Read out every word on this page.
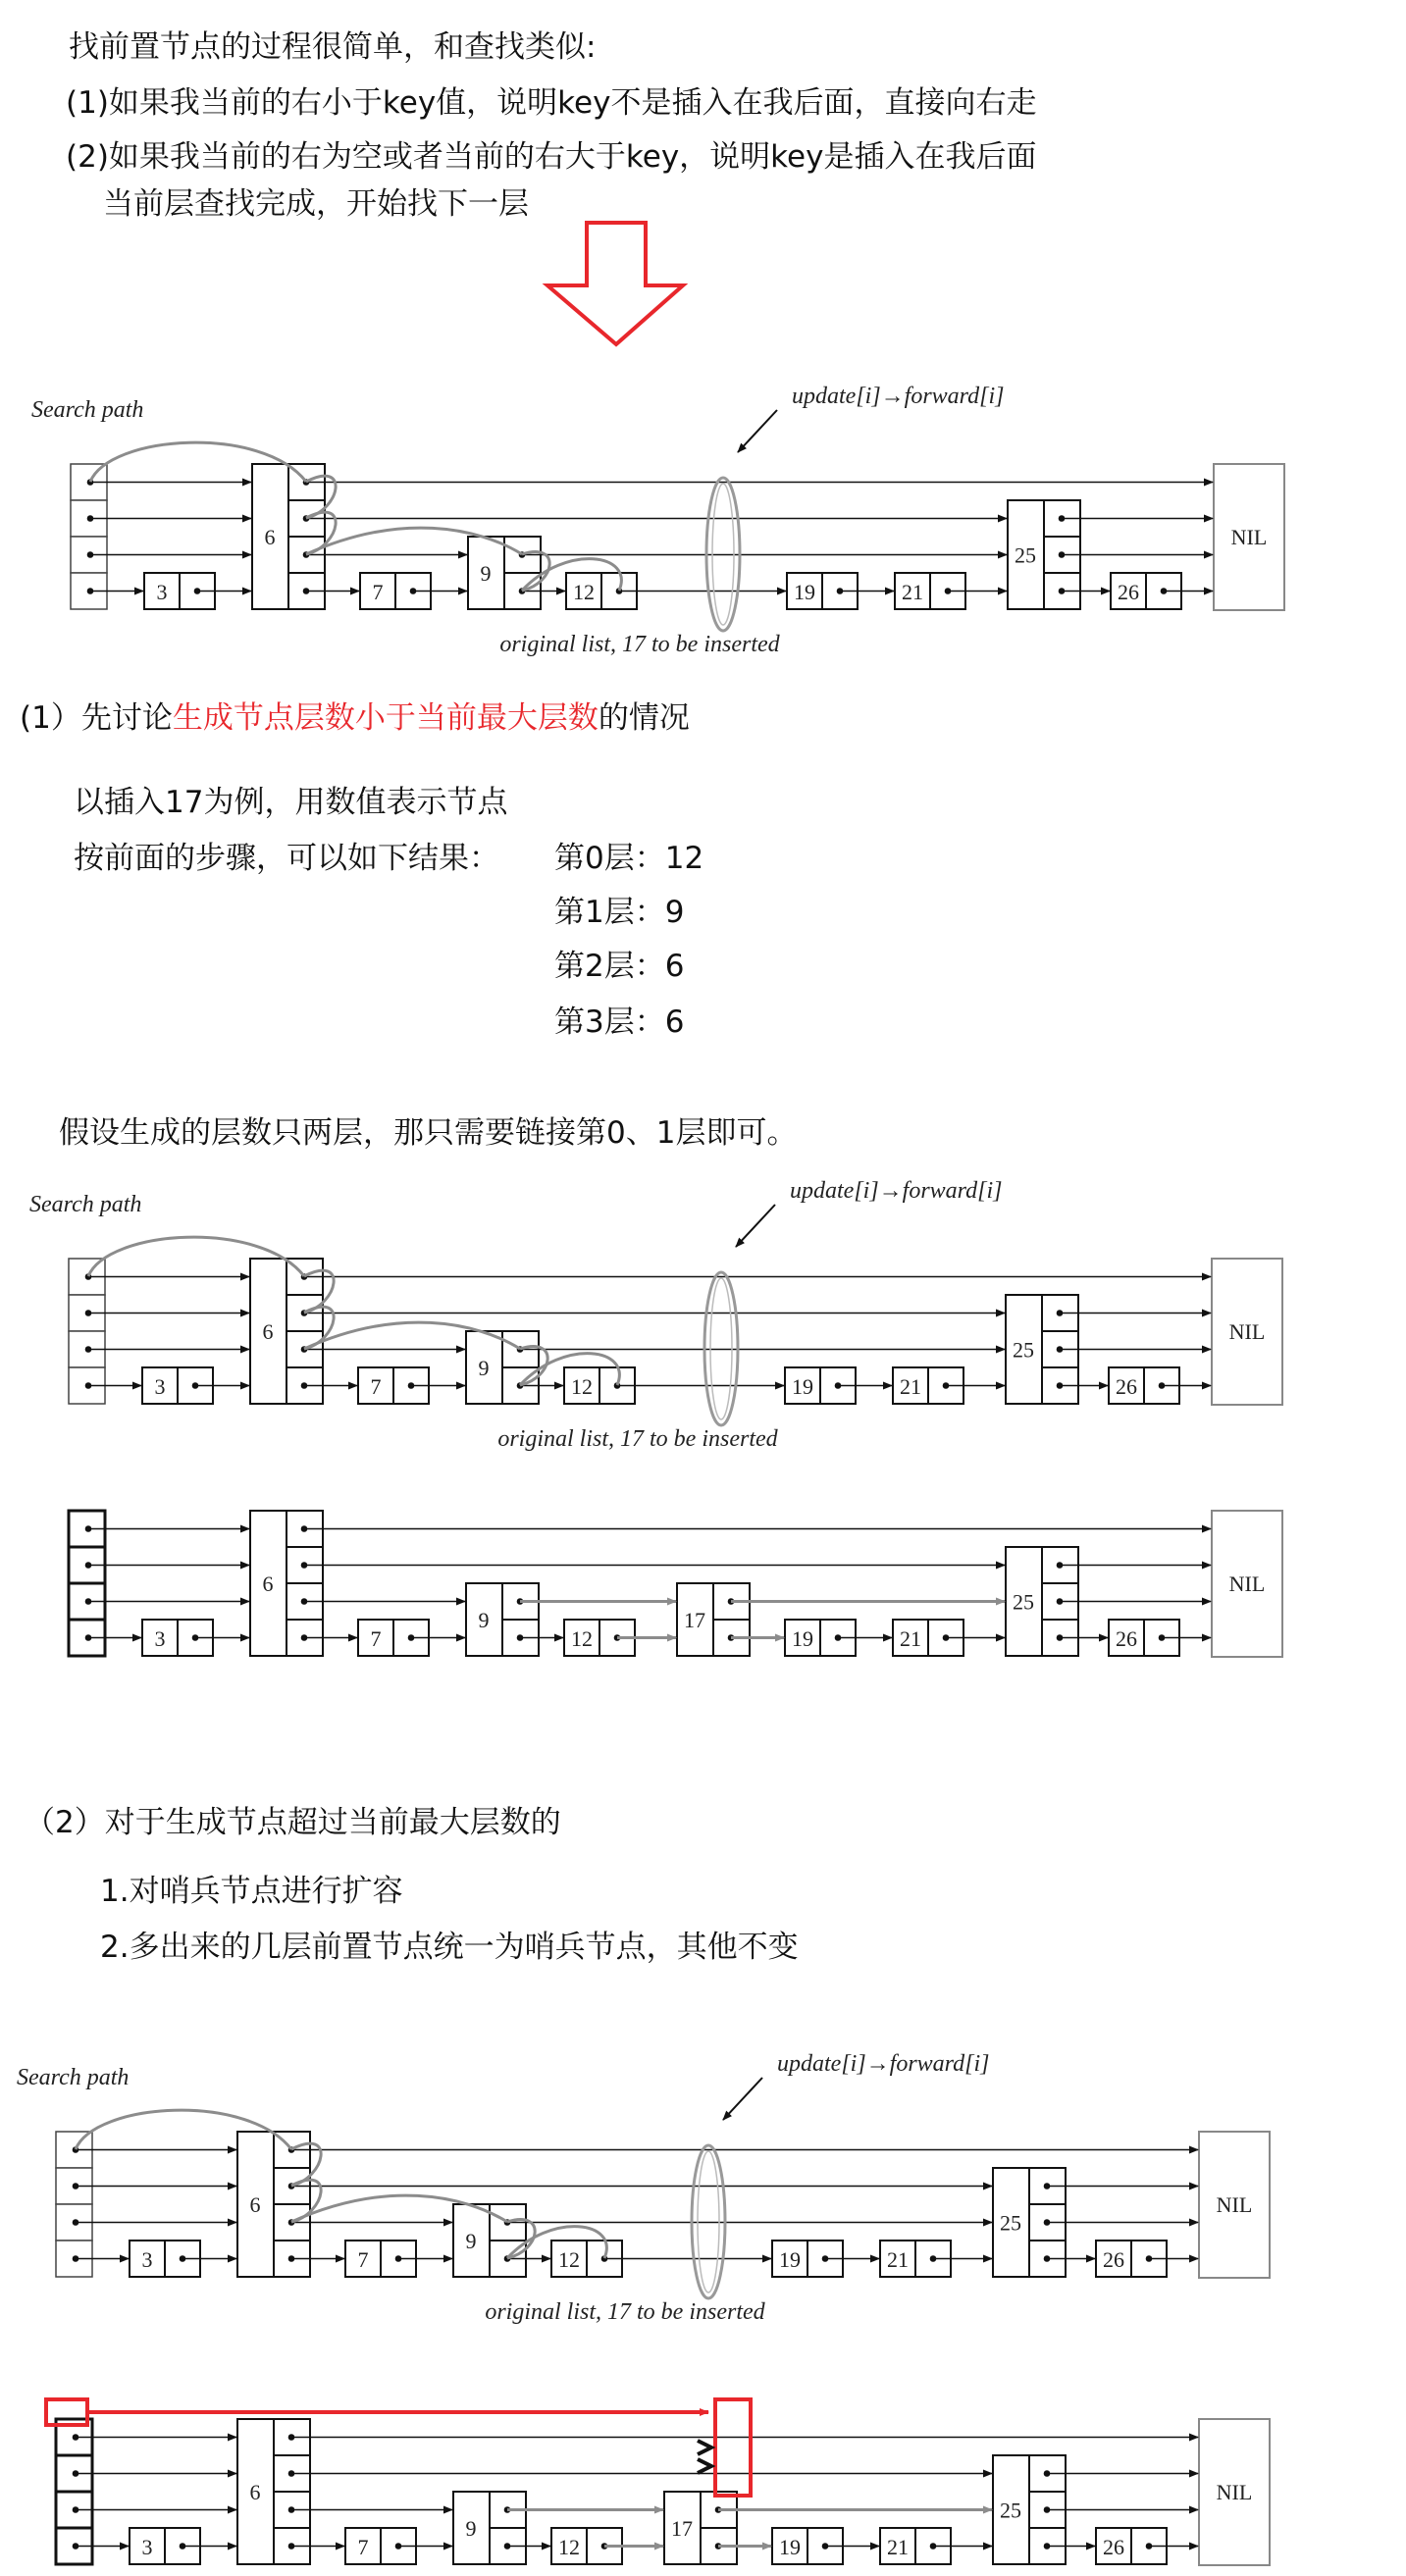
找前置节点的过程很简单，和查找类似:
(1)如果我当前的右小于key值，说明key不是插入在我后面，直接向右走
(2)如果我当前的右为空或者当前的右大于key，说明key是插入在我后面
当前层查找完成，开始找下一层
NIL
3
6
7
9
12	19	21
25
26
Search path
update[i]→forward[i]
original list, 17 to be inserted
(1）先讨论生成节点层数小于当前最大层数的情况
以插入17为例，用数值表示节点
按前面的步骤，可以如下结果： 第0层：12
第1层：9
第2层：6
第3层：6
假设生成的层数只两层，那只需要链接第0、1层即可。
NIL
3
6
7
9
12	19	21
25
26
Search path
update[i]→forward[i]
original list, 17 to be inserted
NIL
3
6
7
9
12
17
19	21
25
26
（2）对于生成节点超过当前最大层数的
1.对哨兵节点进行扩容
2.多出来的几层前置节点统一为哨兵节点，其他不变
NIL
3
6
7
9
12	19	21
25
26
Search path
update[i]→forward[i]
original list, 17 to be inserted
NIL
3
6
7
9
12
17
19	21
25
26
